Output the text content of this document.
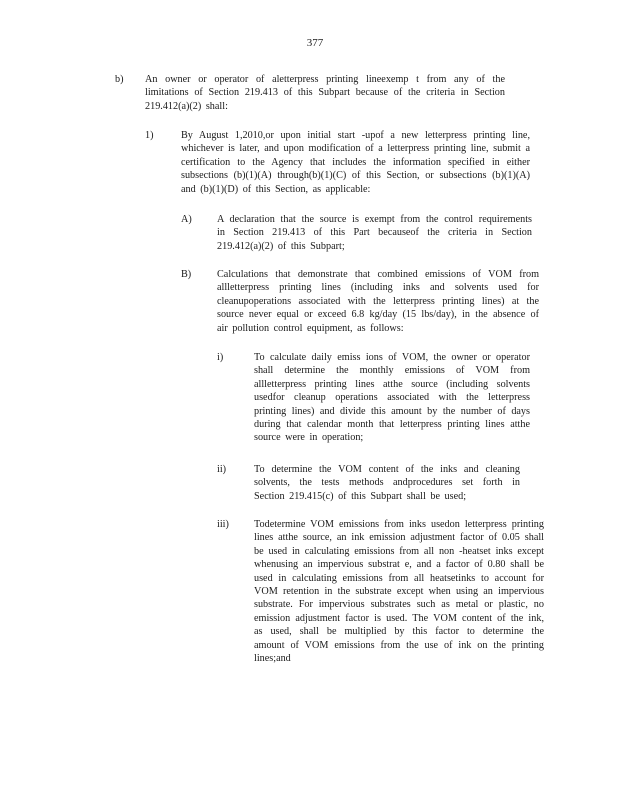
377
b) An owner or operator of aletterpress printing lineexemp t from any of the limitations of Section 219.413 of this Subpart because of the criteria in Section 219.412(a)(2) shall:
1)	By August 1,2010,or upon initial start -upof a new letterpress printing line, whichever is later, and upon modification of a letterpress printing line, submit a certification to the Agency that includes the information specified in either subsections (b)(1)(A) through(b)(1)(C) of this Section, or subsections (b)(1)(A) and (b)(1)(D) of this Section, as applicable:
A) A declaration that the source is exempt from the control requirements in Section 219.413 of this Part becauseof the criteria in Section 219.412(a)(2) of this Subpart;
B)	Calculations that demonstrate that combined emissions of VOM from allletterpress printing lines (including inks and solvents used for cleanupoperations associated with the letterpress printing lines) at the source never equal or exceed 6.8 kg/day (15 lbs/day), in the absence of air pollution control equipment, as follows:
i)	To calculate daily emiss ions of VOM, the owner or operator shall determine the monthly emissions of VOM from allletterpress printing lines atthe source (including solvents usedfor cleanup operations associated with the letterpress printing lines) and divide this amount by the number of days during that calendar month that letterpress printing lines atthe source were in operation;
ii)	To determine the VOM content of the inks and cleaning solvents, the tests methods andprocedures set forth in Section 219.415(c) of this Subpart shall be used;
iii) Todetermine VOM emissions from inks usedon letterpress printing lines atthe source, an ink emission adjustment factor of 0.05 shall be used in calculating emissions from all non -heatset inks except whenusing an impervious substrat e, and a factor of 0.80 shall be used in calculating emissions from all heatsetinks to account for VOM retention in the substrate except when using an impervious substrate. For impervious substrates such as metal or plastic, no emission adjustment factor is used. The VOM content of the ink, as used, shall be multiplied by this factor to determine the amount of VOM emissions from the use of ink on the printing lines;and
